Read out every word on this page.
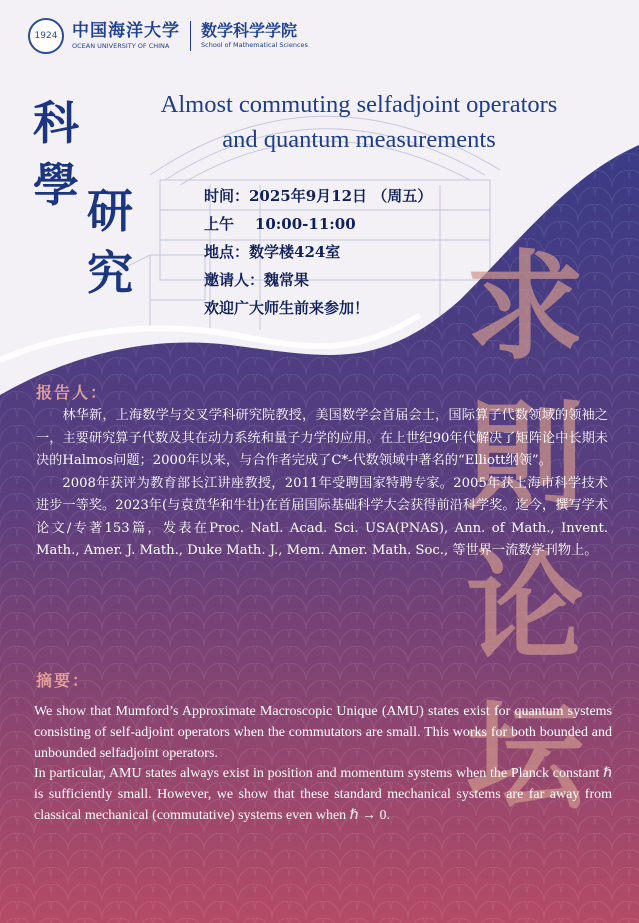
1924 中国海洋大学
OCEAN UNIVERSITY OF CHINA
数学科学学院
School of Mathematical Sciences
科
學 研
究
Almost commuting selfadjoint operators
and quantum measurements
时间：2025年9月12日 （周五）
上午    10:00-11:00
地点：数学楼424室
邀请人：魏常果
欢迎广大师生前来参加！ 求
則
论
坛
报告人：

林华新，上海数学与交叉学科研究院教授，美国数学会首届会士，国际算子代数领域的领袖之一，主要研究算子代数及其在动力系统和量子力学的应用。在上世纪90年代解决了矩阵论中长期未决的Halmos问题；2000年以来，与合作者完成了C*-代数领域中著名的“Elliott纲领”。

2008年获评为教育部长江讲座教授，2011年受聘国家特聘专家。2005年获上海市科学技术进步一等奖。2023年(与袁贲华和牛壮)在首届国际基础科学大会获得前沿科学奖。迄今，撰写学术论文/专著153篇，发表在Proc. Natl. Acad. Sci. USA(PNAS), Ann. of Math., Invent. Math., Amer. J. Math., Duke Math. J., Mem. Amer. Math. Soc., 等世界一流数学刊物上。

摘要：

We show that Mumford’s Approximate Macroscopic Unique (AMU) states exist for quantum systems consisting of self-adjoint operators when the commutators are small. This works for both bounded and unbounded selfadjoint operators.

In particular, AMU states always exist in position and momentum systems when the Planck constant ℏ is sufficiently small. However, we show that these standard mechanical systems are far away from classical mechanical (commutative) systems even when ℏ → 0.
